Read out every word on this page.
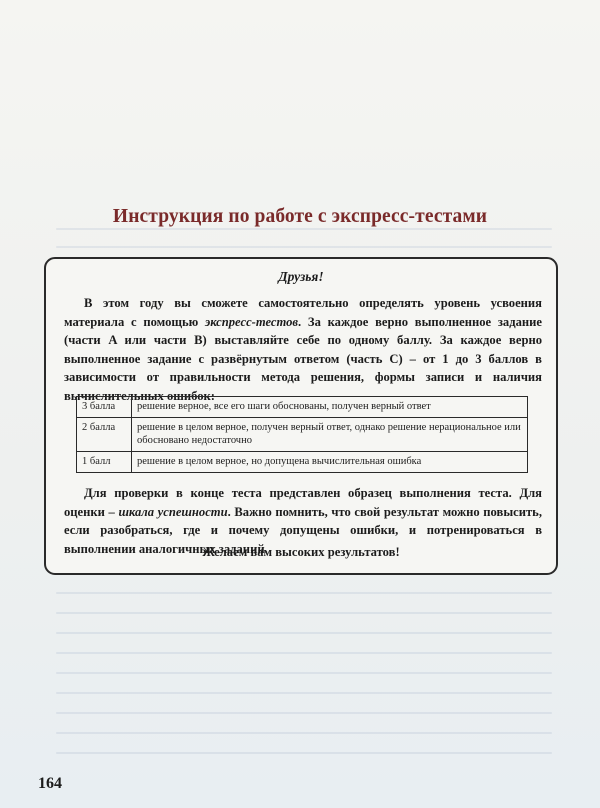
Инструкция по работе с экспресс-тестами
Друзья!
В этом году вы сможете самостоятельно определять уровень усвоения материала с помощью экспресс-тестов. За каждое верно выполненное задание (части A или части B) выставляйте себе по одному баллу. За каждое верно выполненное задание с развёрнутым ответом (часть C) – от 1 до 3 баллов в зависимости от правильности метода решения, формы записи и наличия вычислительных ошибок:
3 балла	решение верное, все его шаги обоснованы, получен верный ответ
2 балла	решение в целом верное, получен верный ответ, однако решение нерациональное или обосновано недостаточно
1 балл	решение в целом верное, но допущена вычислительная ошибка
Для проверки в конце теста представлен образец выполнения теста. Для оценки – шкала успешности. Важно помнить, что свой результат можно повысить, если разобраться, где и почему допущены ошибки, и потренироваться в выполнении аналогичных заданий.
Желаем вам высоких результатов!
164
